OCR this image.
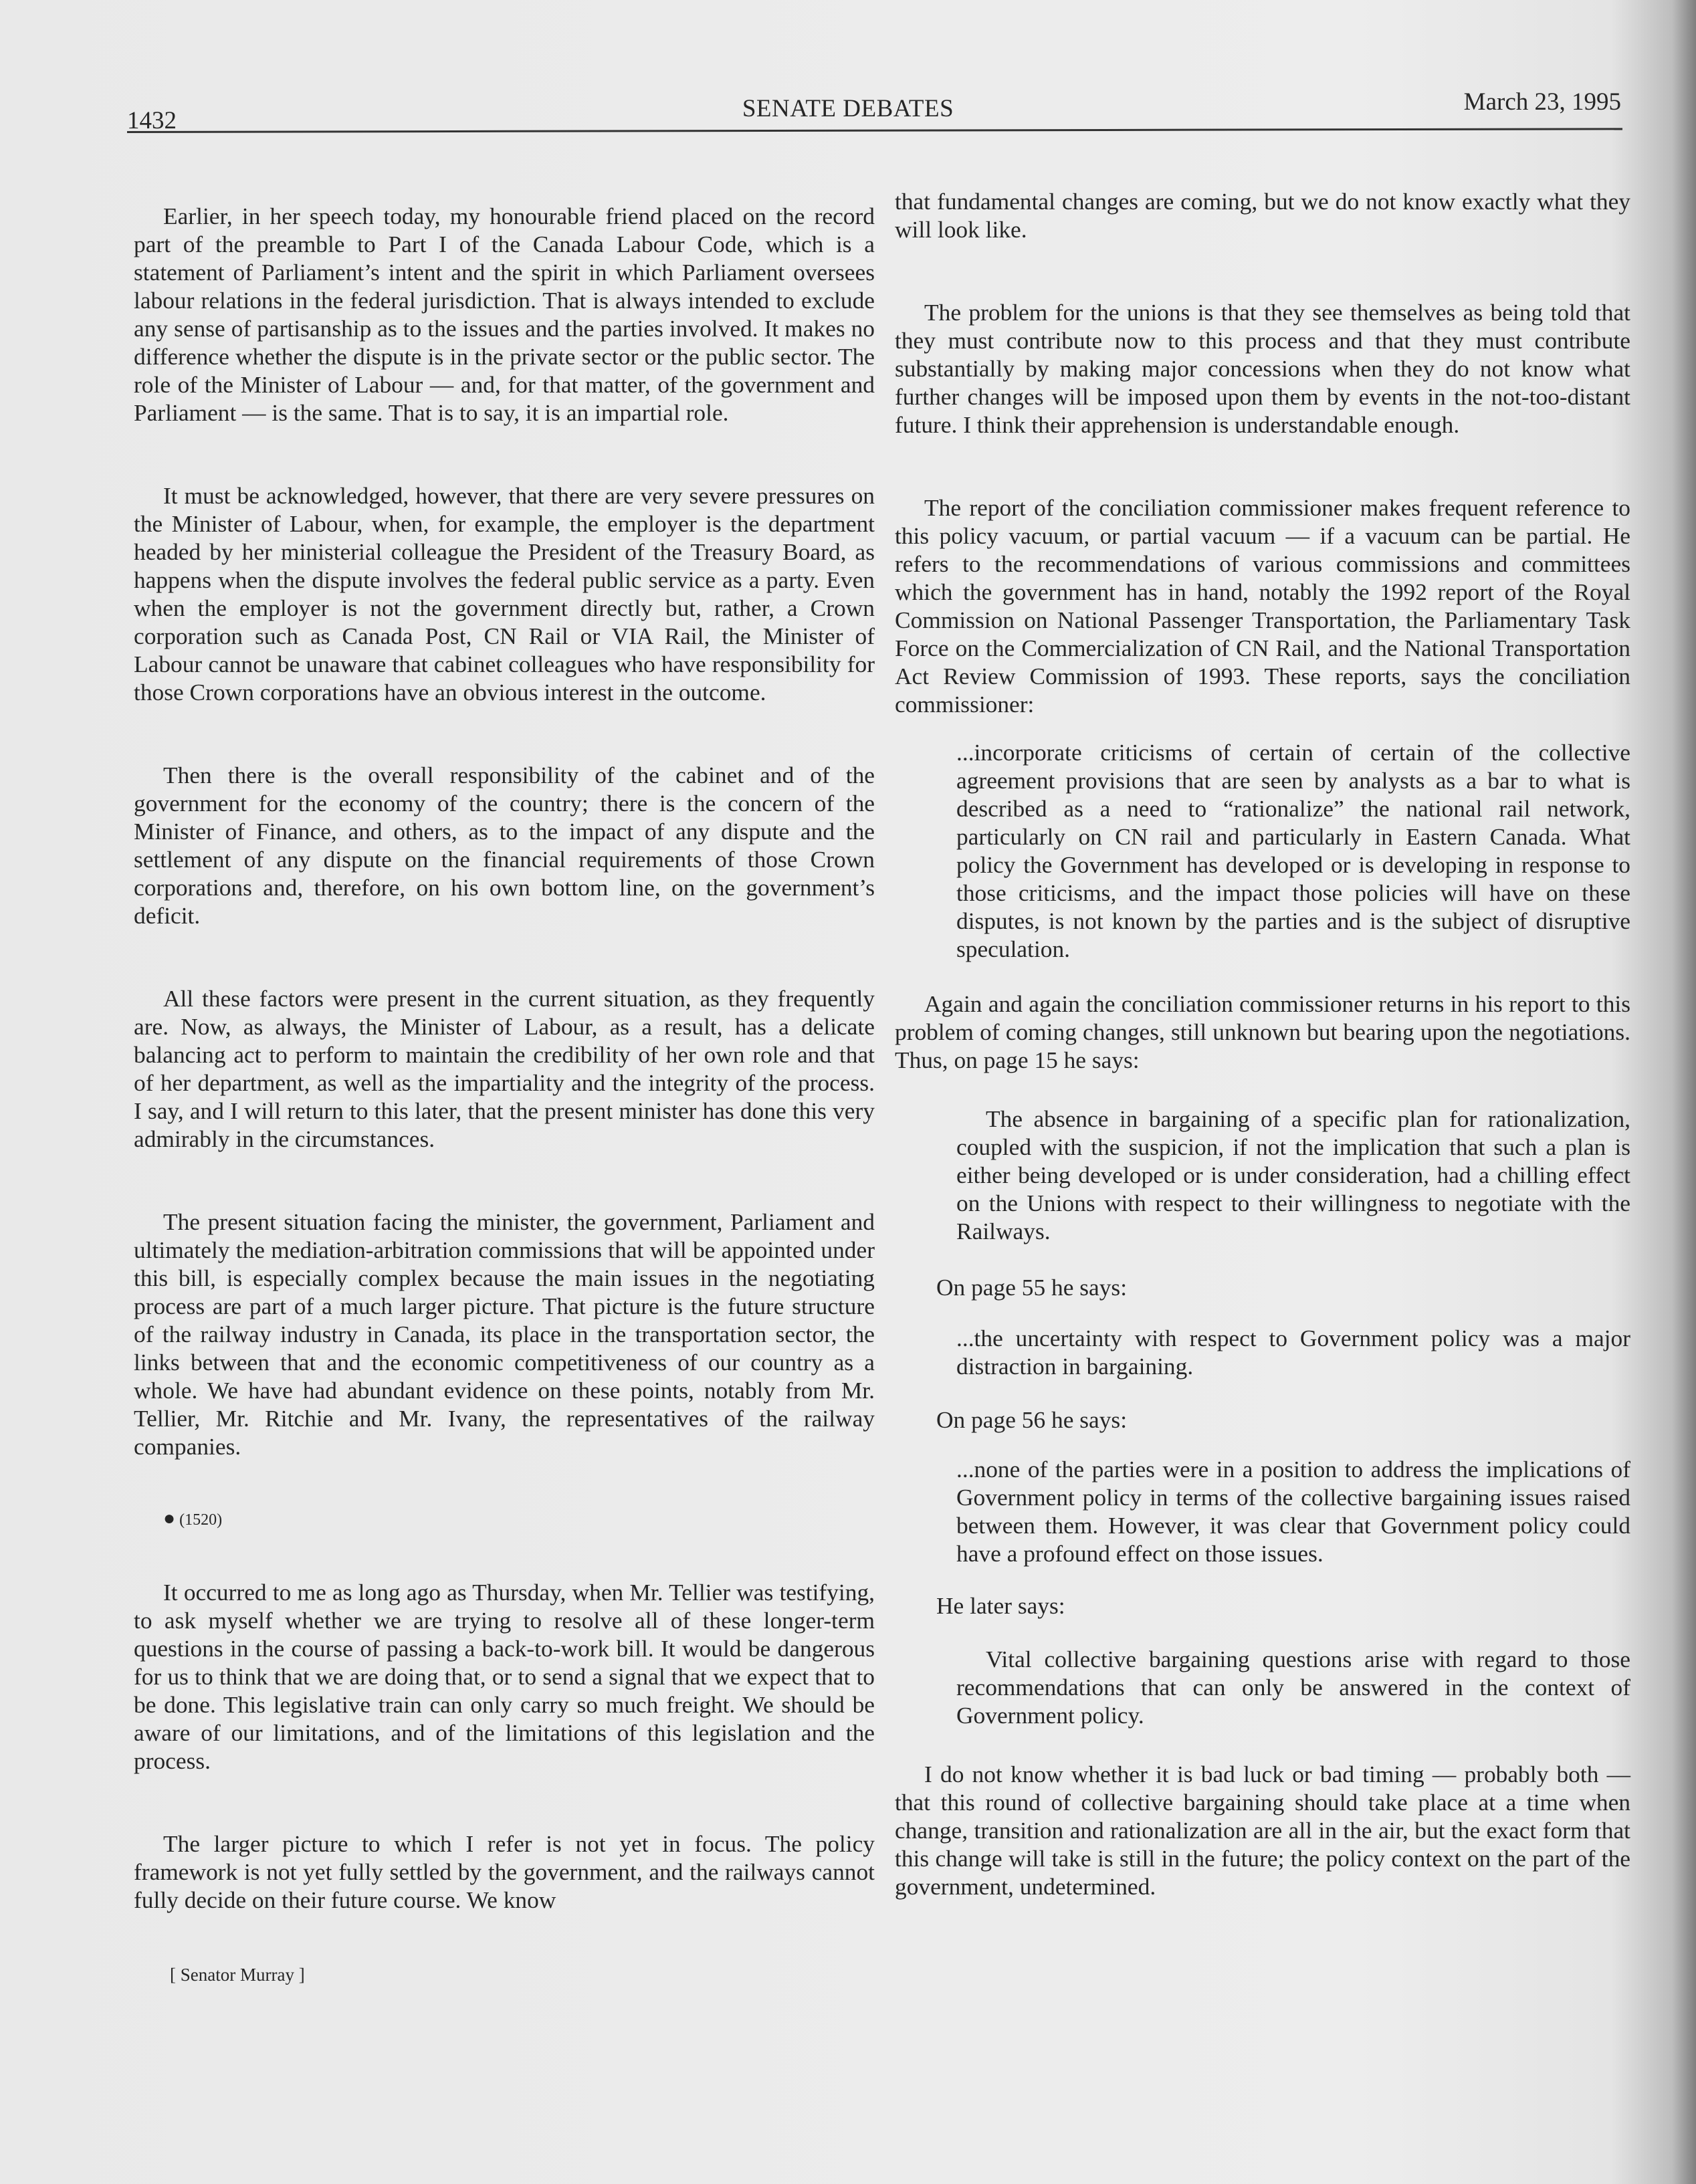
1432	SENATE DEBATES	March 23, 1995

Earlier, in her speech today, my honourable friend placed on the record part of the preamble to Part I of the Canada Labour Code, which is a statement of Parliament’s intent and the spirit in which Parliament oversees labour relations in the federal jurisdiction. That is always intended to exclude any sense of partisanship as to the issues and the parties involved. It makes no difference whether the dispute is in the private sector or the public sector. The role of the Minister of Labour — and, for that matter, of the government and Parliament — is the same. That is to say, it is an impartial role.

It must be acknowledged, however, that there are very severe pressures on the Minister of Labour, when, for example, the employer is the department headed by her ministerial colleague the President of the Treasury Board, as happens when the dispute involves the federal public service as a party. Even when the employer is not the government directly but, rather, a Crown corporation such as Canada Post, CN Rail or VIA Rail, the Minister of Labour cannot be unaware that cabinet colleagues who have responsibility for those Crown corporations have an obvious interest in the outcome.

Then there is the overall responsibility of the cabinet and of the government for the economy of the country; there is the concern of the Minister of Finance, and others, as to the impact of any dispute and the settlement of any dispute on the financial requirements of those Crown corporations and, therefore, on his own bottom line, on the government’s deficit.

All these factors were present in the current situation, as they frequently are. Now, as always, the Minister of Labour, as a result, has a delicate balancing act to perform to maintain the credibility of her own role and that of her department, as well as the impartiality and the integrity of the process. I say, and I will return to this later, that the present minister has done this very admirably in the circumstances.

The present situation facing the minister, the government, Parliament and ultimately the mediation-arbitration commissions that will be appointed under this bill, is especially complex because the main issues in the negotiating process are part of a much larger picture. That picture is the future structure of the railway industry in Canada, its place in the transportation sector, the links between that and the economic competitiveness of our country as a whole. We have had abundant evidence on these points, notably from Mr. Tellier, Mr. Ritchie and Mr. Ivany, the representatives of the railway companies.

● (1520)

It occurred to me as long ago as Thursday, when Mr. Tellier was testifying, to ask myself whether we are trying to resolve all of these longer-term questions in the course of passing a back-to-work bill. It would be dangerous for us to think that we are doing that, or to send a signal that we expect that to be done. This legislative train can only carry so much freight. We should be aware of our limitations, and of the limitations of this legislation and the process.

The larger picture to which I refer is not yet in focus. The policy framework is not yet fully settled by the government, and the railways cannot fully decide on their future course. We know

[ Senator Murray ]

that fundamental changes are coming, but we do not know exactly what they will look like.

The problem for the unions is that they see themselves as being told that they must contribute now to this process and that they must contribute substantially by making major concessions when they do not know what further changes will be imposed upon them by events in the not-too-distant future. I think their apprehension is understandable enough.

The report of the conciliation commissioner makes frequent reference to this policy vacuum, or partial vacuum — if a vacuum can be partial. He refers to the recommendations of various commissions and committees which the government has in hand, notably the 1992 report of the Royal Commission on National Passenger Transportation, the Parliamentary Task Force on the Commercialization of CN Rail, and the National Transportation Act Review Commission of 1993. These reports, says the conciliation commissioner:

...incorporate criticisms of certain of certain of the collective agreement provisions that are seen by analysts as a bar to what is described as a need to “rationalize” the national rail network, particularly on CN rail and particularly in Eastern Canada. What policy the Government has developed or is developing in response to those criticisms, and the impact those policies will have on these disputes, is not known by the parties and is the subject of disruptive speculation.

Again and again the conciliation commissioner returns in his report to this problem of coming changes, still unknown but bearing upon the negotiations. Thus, on page 15 he says:

The absence in bargaining of a specific plan for rationalization, coupled with the suspicion, if not the implication that such a plan is either being developed or is under consideration, had a chilling effect on the Unions with respect to their willingness to negotiate with the Railways.

On page 55 he says:

...the uncertainty with respect to Government policy was a major distraction in bargaining.

On page 56 he says:

...none of the parties were in a position to address the implications of Government policy in terms of the collective bargaining issues raised between them. However, it was clear that Government policy could have a profound effect on those issues.

He later says:

Vital collective bargaining questions arise with regard to those recommendations that can only be answered in the context of Government policy.

I do not know whether it is bad luck or bad timing — probably both — that this round of collective bargaining should take place at a time when change, transition and rationalization are all in the air, but the exact form that this change will take is still in the future; the policy context on the part of the government, undetermined.
